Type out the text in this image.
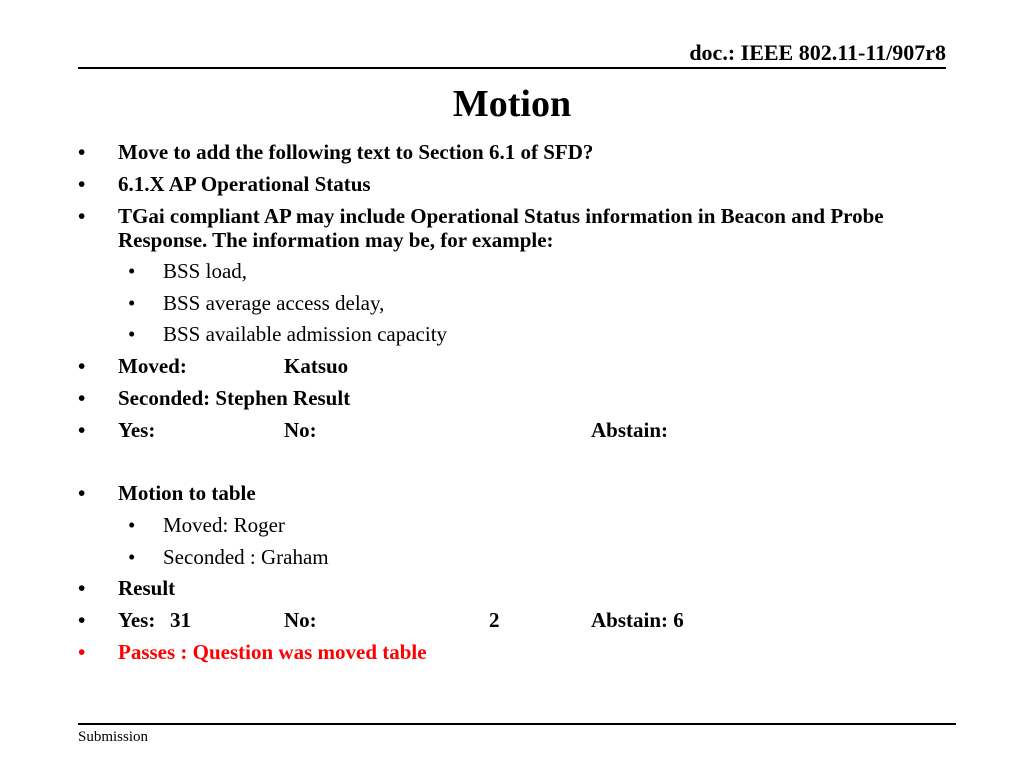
doc.: IEEE 802.11-11/907r8
Motion
• Move to add the following text to Section 6.1 of SFD?
• 6.1.X AP Operational Status
• TGai compliant AP may include Operational Status information in Beacon and Probe Response. The information may be, for example:
• BSS load,
• BSS average access delay,
• BSS available admission capacity
• Moved:	Katsuo
• Seconded: Stephen Result
• Yes:	No:	Abstain:
• Motion to table
• Moved: Roger
• Seconded : Graham
• Result
• Yes: 31	No:	2	Abstain: 6
• Passes : Question was moved table
Submission
